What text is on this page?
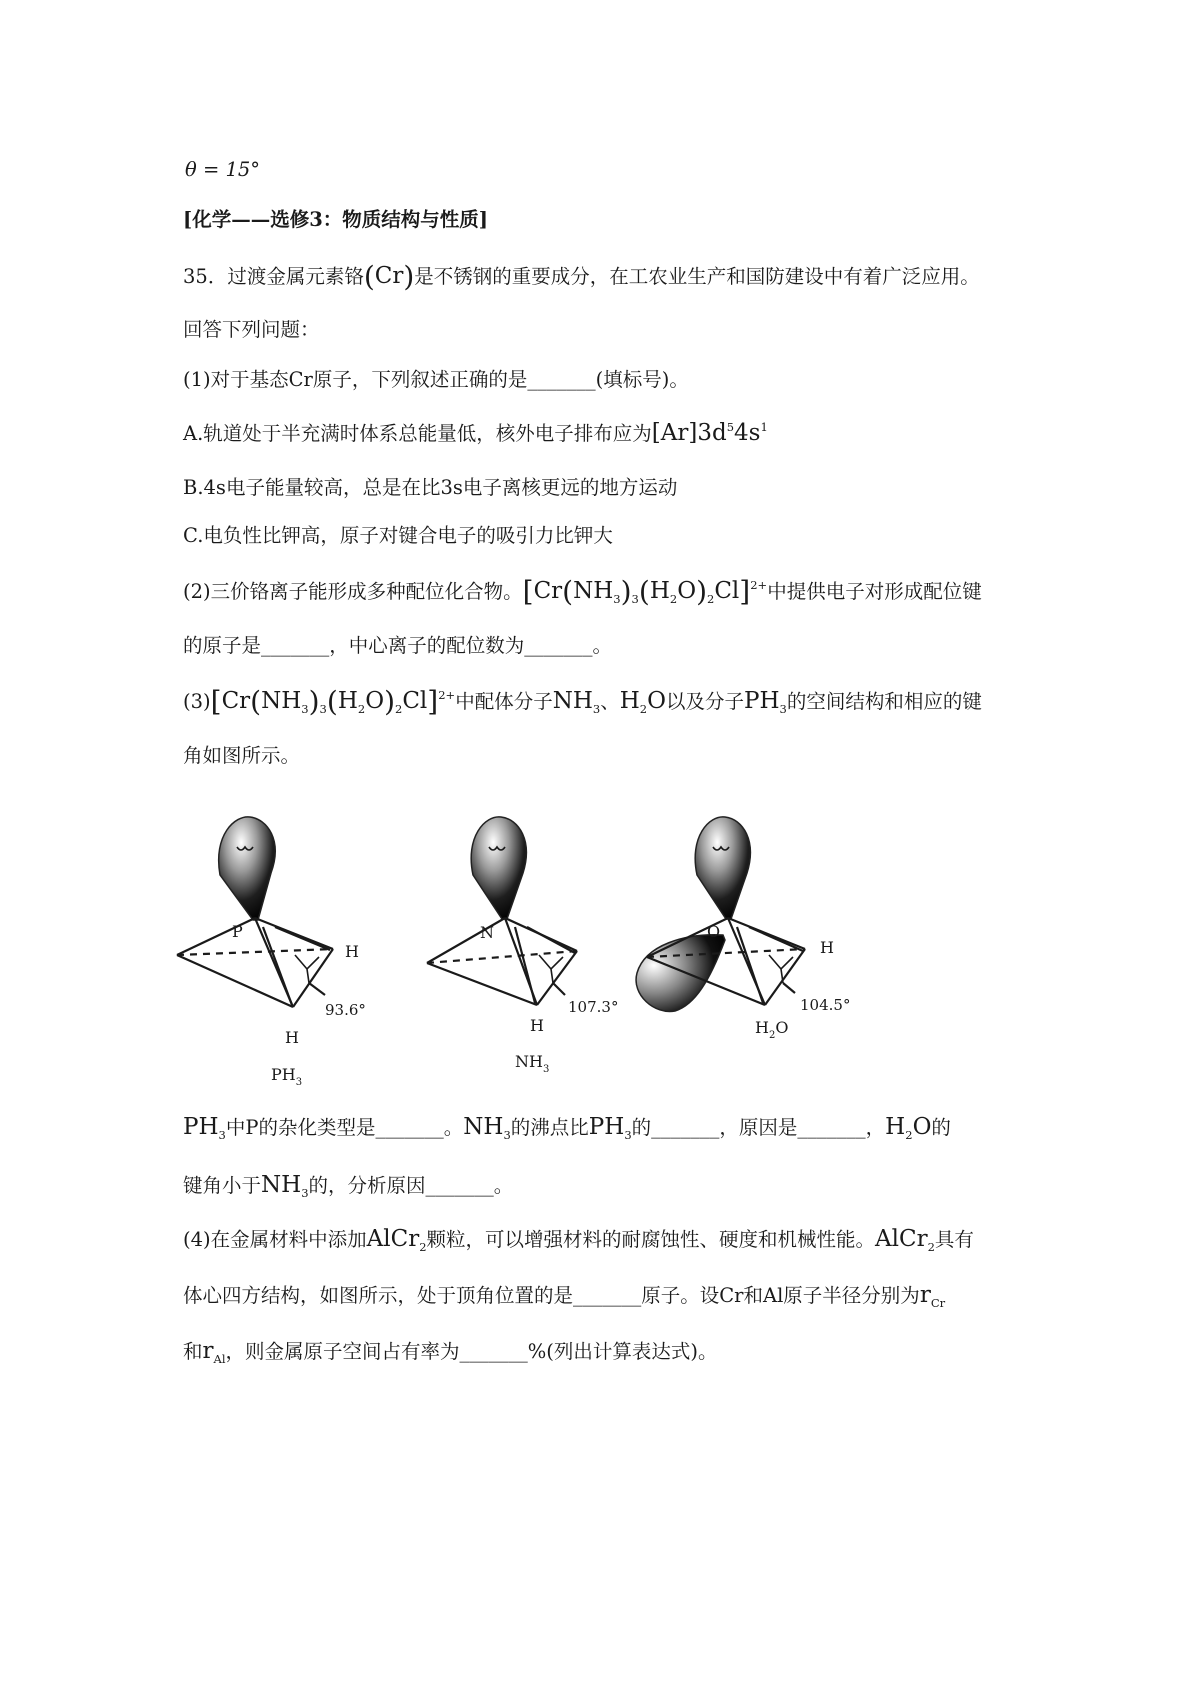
θ = 15°
[化学——选修3：物质结构与性质]
35．过渡金属元素铬(Cr)是不锈钢的重要成分，在工农业生产和国防建设中有着广泛应用。
回答下列问题：
(1)对于基态Cr原子，下列叙述正确的是_______(填标号)。
A.轨道处于半充满时体系总能量低，核外电子排布应为$[Ar]3d^54s^1$
B.4s电子能量较高，总是在比3s电子离核更远的地方运动
C.电负性比钾高，原子对键合电子的吸引力比钾大
(2)三价铬离子能形成多种配位化合物。$[Cr(NH_3)_3(H_2O)_2Cl]^{2+}$中提供电子对形成配位键
的原子是_______，中心离子的配位数为_______。
$(3)[Cr(NH_3)_3(H_2O)_2Cl]^{2+}$中配体分子$NH_3$、$H_2O$以及分子$PH_3$的空间结构和相应的键
角如图所示。
P
H
93.6°
H
$PH_3$
N
107.3°
H
$NH_3$
O
H
104.5°
$H_2O$
$PH_3$中P的杂化类型是_______。$NH_3$的沸点比$PH_3$的_______，原因是_______，$H_2O$的
键角小于$NH_3$的，分析原因_______。
(4)在金属材料中添加AlCr$_2$颗粒，可以增强材料的耐腐蚀性、硬度和机械性能。AlCr$_2$具有
体心四方结构，如图所示，处于顶角位置的是_______原子。设Cr和Al原子半径分别为$r_{Cr}$
和$r_{Al}$，则金属原子空间占有率为_______%(列出计算表达式)。
